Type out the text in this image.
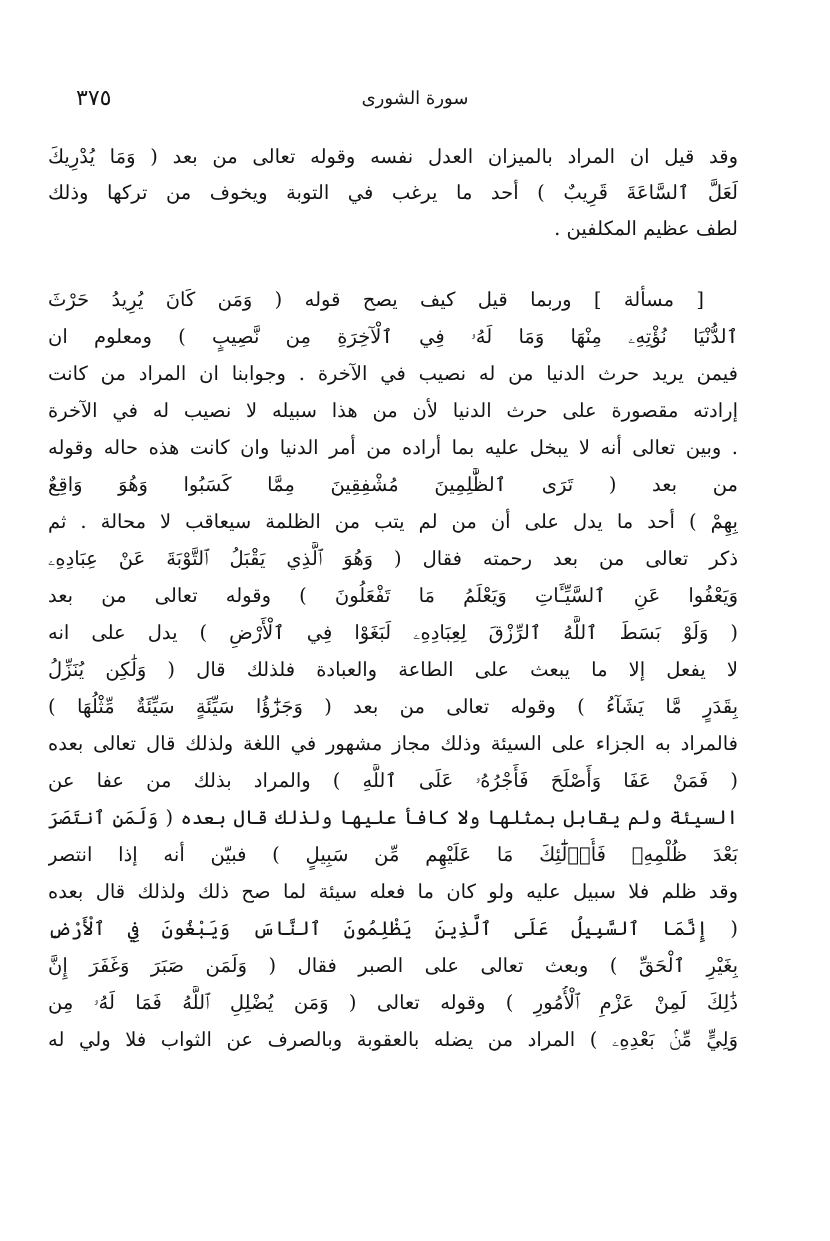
٣٧٥	سورة الشورى
وقد قيل ان المراد بالميزان العدل نفسه وقوله تعالى من بعد ( وَمَا يُدْرِيكَ
لَعَلَّ ٱلسَّاعَةَ قَرِيبٌ ) أحد ما يرغب في التوبة ويخوف من تركها وذلك
لطف عظيم المكلفين .
[ مسألة ] وربما قيل كيف يصح قوله ( وَمَن كَانَ يُرِيدُ حَرْثَ
ٱلدُّنْيَا نُؤْتِهِۦ مِنْهَا وَمَا لَهُۥ فِي ٱلْآخِرَةِ مِن نَّصِيبٍ ) ومعلوم ان
فيمن يريد حرث الدنيا من له نصيب في الآخرة . وجوابنا ان المراد من كانت
إرادته مقصورة على حرث الدنيا لأن من هذا سبيله لا نصيب له في الآخرة
. وبين تعالى أنه لا يبخل عليه بما أراده من أمر الدنيا وان كانت هذه حاله وقوله
من بعد ( تَرَى ٱلظَّٰلِمِينَ مُشْفِقِينَ مِمَّا كَسَبُوا وَهُوَ وَاقِعٌ
بِهِمْ ) أحد ما يدل على أن من لم يتب من الظلمة سيعاقب لا محالة . ثم
ذكر تعالى من بعد رحمته فقال ( وَهُوَ ٱلَّذِي يَقْبَلُ ٱلتَّوْبَةَ عَنْ عِبَادِهِۦ
وَيَعْفُوا عَنِ ٱلسَّيِّـَٔاتِ وَيَعْلَمُ مَا تَفْعَلُونَ ) وقوله تعالى من بعد
( وَلَوْ بَسَطَ ٱللَّهُ ٱلرِّزْقَ لِعِبَادِهِۦ لَبَغَوْا فِي ٱلْأَرْضِ ) يدل على انه
لا يفعل إلا ما يبعث على الطاعة والعبادة فلذلك قال ( وَلَٰكِن يُنَزِّلُ
بِقَدَرٍ مَّا يَشَآءُ ) وقوله تعالى من بعد ( وَجَزَٰٓؤُا سَيِّئَةٍ سَيِّئَةٌ مِّثْلُهَا )
فالمراد به الجزاء على السيئة وذلك مجاز مشهور في اللغة ولذلك قال تعالى بعده
( فَمَنْ عَفَا وَأَصْلَحَ فَأَجْرُهُۥ عَلَى ٱللَّهِ ) والمراد بذلك من عفا عن
السيئة ولم يقابل بمثلها ولا كافأ عليها ولذلك قال بعده ( وَلَمَنِ ٱنتَصَرَ
بَعْدَ ظُلْمِهِۦ فَأُو۟لَٰٓئِكَ مَا عَلَيْهِم مِّن سَبِيلٍ ) فبيّن أنه إذا انتصر
وقد ظلم فلا سبيل عليه ولو كان ما فعله سيئة لما صح ذلك ولذلك قال بعده
( إِنَّمَا ٱلسَّبِيلُ عَلَى ٱلَّذِينَ يَظْلِمُونَ ٱلنَّاسَ وَيَبْغُونَ فِي ٱلْأَرْضِ
بِغَيْرِ ٱلْحَقِّ ) وبعث تعالى على الصبر فقال ( وَلَمَن صَبَرَ وَغَفَرَ إِنَّ
ذَٰلِكَ لَمِنْ عَزْمِ ٱلْأُمُورِ ) وقوله تعالى ( وَمَن يُضْلِلِ ٱللَّهُ فَمَا لَهُۥ مِن
وَلِيٍّ مِّنۢ بَعْدِهِۦ ) المراد من يضله بالعقوبة وبالصرف عن الثواب فلا ولي له
